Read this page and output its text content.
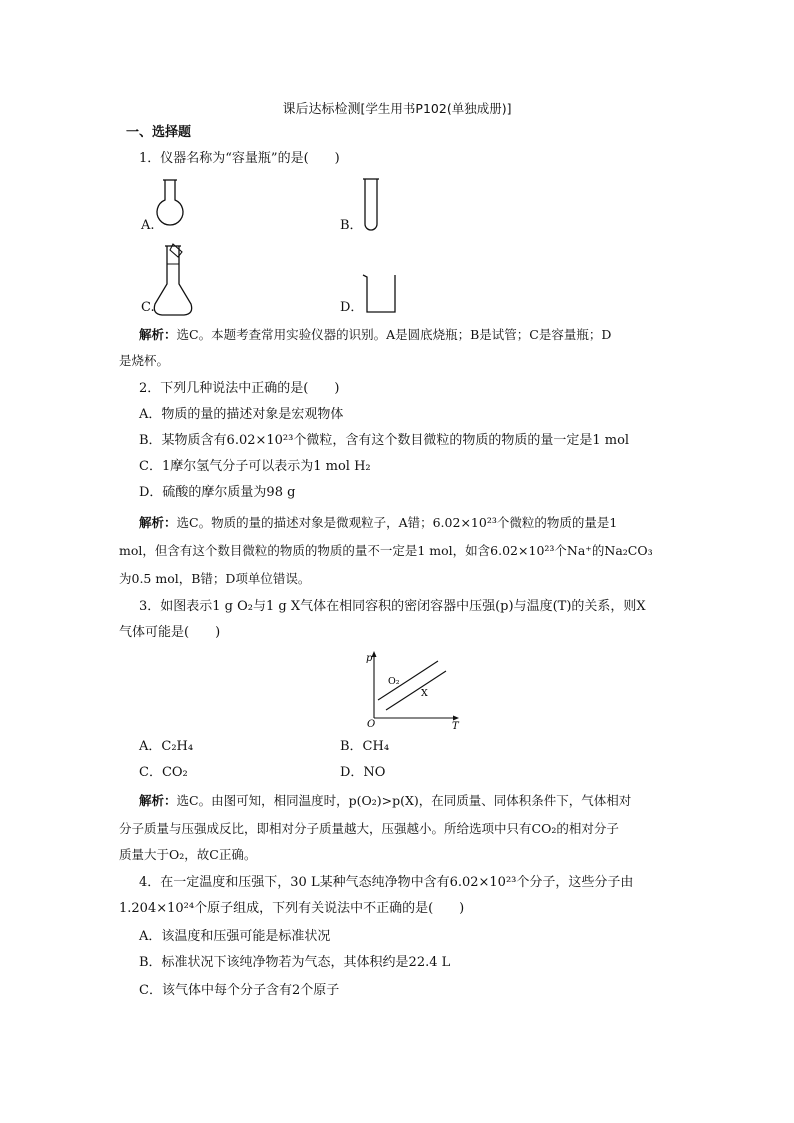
课后达标检测[学生用书P102(单独成册)]
一、选择题
1．仪器名称为“容量瓶”的是(　　)
A.	B．
C.	D．
解析：选C。本题考查常用实验仪器的识别。A是圆底烧瓶；B是试管；C是容量瓶；D
是烧杯。
2．下列几种说法中正确的是(　　)
A．物质的量的描述对象是宏观物体
B．某物质含有6.02×10²³个微粒，含有这个数目微粒的物质的物质的量一定是1 mol
C．1摩尔氢气分子可以表示为1 mol H₂
D．硫酸的摩尔质量为98 g
解析：选C。物质的量的描述对象是微观粒子，A错；6.02×10²³个微粒的物质的量是1
mol，但含有这个数目微粒的物质的物质的量不一定是1 mol，如含6.02×10²³个Na⁺的Na₂CO₃
为0.5 mol，B错；D项单位错误。
3．如图表示1 g O₂与1 g X气体在相同容积的密闭容器中压强(p)与温度(T)的关系，则X
气体可能是(　　)
p
T
O
O₂
X
A．C₂H₄	B．CH₄
C．CO₂	D．NO
解析：选C。由图可知，相同温度时，p(O₂)>p(X)，在同质量、同体积条件下，气体相对
分子质量与压强成反比，即相对分子质量越大，压强越小。所给选项中只有CO₂的相对分子
质量大于O₂，故C正确。
4．在一定温度和压强下，30 L某种气态纯净物中含有6.02×10²³个分子，这些分子由
1.204×10²⁴个原子组成，下列有关说法中不正确的是(　　)
A．该温度和压强可能是标准状况
B．标准状况下该纯净物若为气态，其体积约是22.4 L
C．该气体中每个分子含有2个原子
